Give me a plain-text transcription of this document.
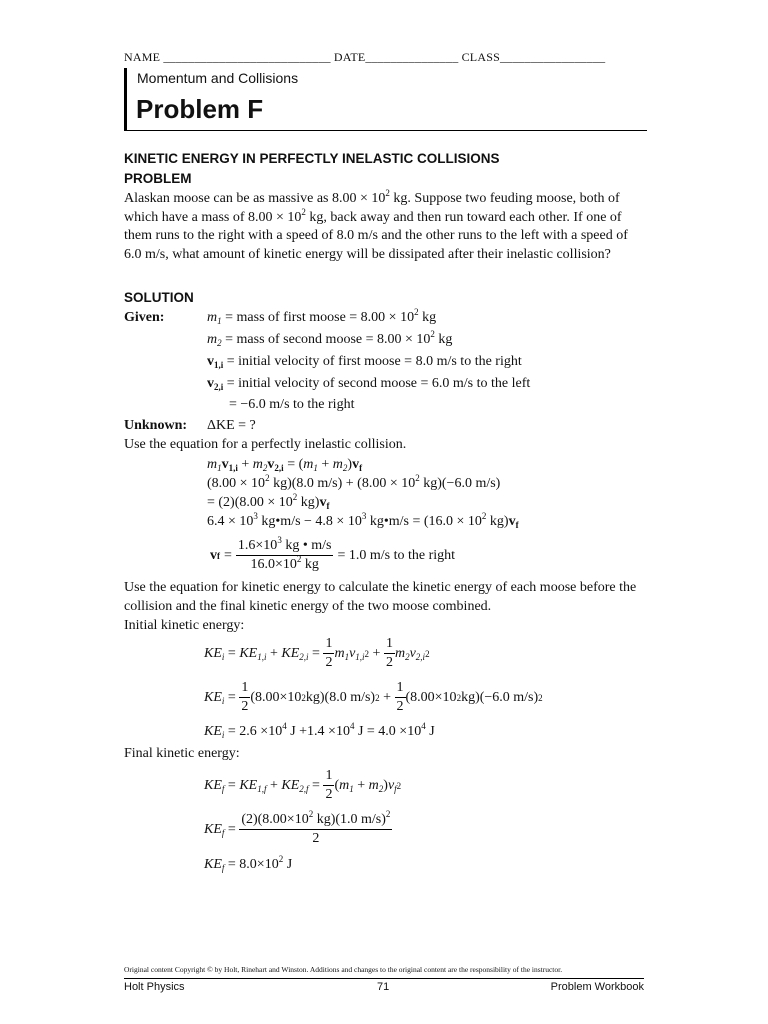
NAME ___________________________ DATE_______________ CLASS_________________
Momentum and Collisions
Problem F
KINETIC ENERGY IN PERFECTLY INELASTIC COLLISIONS
PROBLEM
Alaskan moose can be as massive as $8.00 \times 10^2$ kg. Suppose two feuding moose, both of which have a mass of $8.00 \times 10^2$ kg, back away and then run toward each other. If one of them runs to the right with a speed of 8.0 m/s and the other runs to the left with a speed of 6.0 m/s, what amount of kinetic energy will be dissipated after their inelastic collision?
SOLUTION
Given:	$m_1$ = mass of first moose = $8.00 \times 10^2$ kg
$m_2$ = mass of second moose = $8.00 \times 10^2$ kg
$v_{1,i}$ = initial velocity of first moose = 8.0 m/s to the right
$v_{2,i}$ = initial velocity of second moose = 6.0 m/s to the left
= −6.0 m/s to the right
Unknown: ΔKE = ?
Use the equation for a perfectly inelastic collision.
$m_1v_{1,i} + m_2v_{2,i} = (m_1 + m_2)v_f$
($8.00 \times 10^2$ kg)(8.0 $m/s) + (8.00 \times 10^2$ kg)(−6.0 m/s)
= $(2)(8.00 \times 10^2$ $kg)v_f$
$6.4 \times 10^3$ kg•m/s − $4.8 \times 10^3$ kg•m/s = ($16.0 \times 10^2$ $kg)v_f$
v $f = \frac{1.6\times 10^3 kg • m/s}{16.0\times 10^2 kg} = 1.0$ m/s to the right
Use the equation for kinetic energy to calculate the kinetic energy of each moose before the collision and the final kinetic energy of the two moose combined.
Initial kinetic energy:
$KE_i = KE_{1,i} + KE_{2,i} = \frac{1}{2} m_1v_{1,i}$ $2 + \frac{1}{2} m_2v_{2,i}$ 2
$KE_i = \frac{1}{2} (8.00\times 10$ 2 kg)(8.0 m/s) $2 + \frac{1}{2} (8.00\times 10$ 2 kg)(−6.0 m/s) 2
$KE_i = 2.6 \times 10^4$ $J +1.4 \times 10^4$ $J = 4.0 \times 10^4$ J
Final kinetic energy:
$KE_f = KE_{1,f} + KE_{2,f} = \frac{1}{2}$ ( $m_1 + m_2$ ) $v_f$ 2
$KE_f = \frac{(2)(8.00\times 10^2 kg)(1.0 m/s)^2}{2}$
$KE_f = 8.0\times 10^2$ J
Original content Copyright © by Holt, Rinehart and Winston. Additions and changes to the original content are the responsibility of the instructor.
Holt Physics	71	Problem Workbook
